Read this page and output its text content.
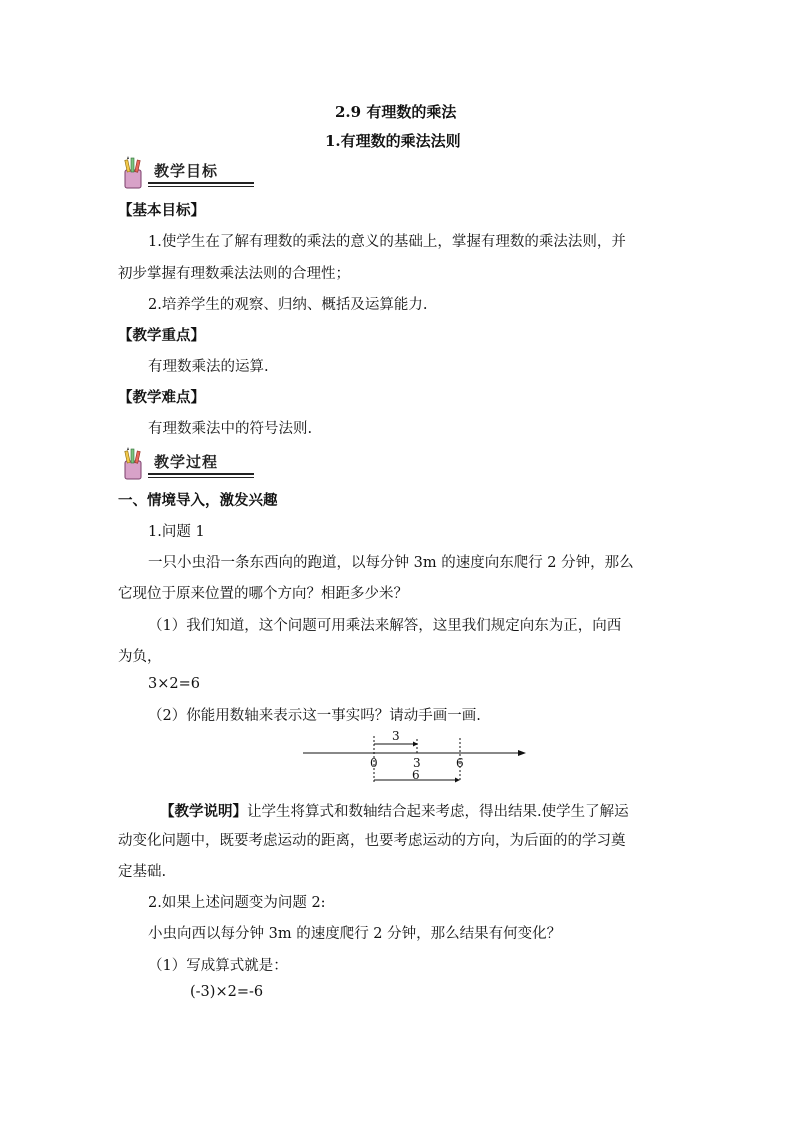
2.9 有理数的乘法
1.有理数的乘法法则
教学目标
【基本目标】
1.使学生在了解有理数的乘法的意义的基础上，掌握有理数的乘法法则，并
初步掌握有理数乘法法则的合理性；
2.培养学生的观察、归纳、概括及运算能力.
【教学重点】
有理数乘法的运算.
【教学难点】
有理数乘法中的符号法则.
教学过程
一、情境导入，激发兴趣
1.问题 1
一只小虫沿一条东西向的跑道，以每分钟 3m 的速度向东爬行 2 分钟，那么
它现位于原来位置的哪个方向？相距多少米？
（1）我们知道，这个问题可用乘法来解答，这里我们规定向东为正，向西
为负，
3×2=6
（2）你能用数轴来表示这一事实吗？请动手画一画.
3
0	3	6
6
【教学说明】让学生将算式和数轴结合起来考虑，得出结果.使学生了解运
动变化问题中，既要考虑运动的距离，也要考虑运动的方向，为后面的的学习奠
定基础.
2.如果上述问题变为问题 2:
小虫向西以每分钟 3m 的速度爬行 2 分钟，那么结果有何变化？
（1）写成算式就是：
(-3)×2=-6
